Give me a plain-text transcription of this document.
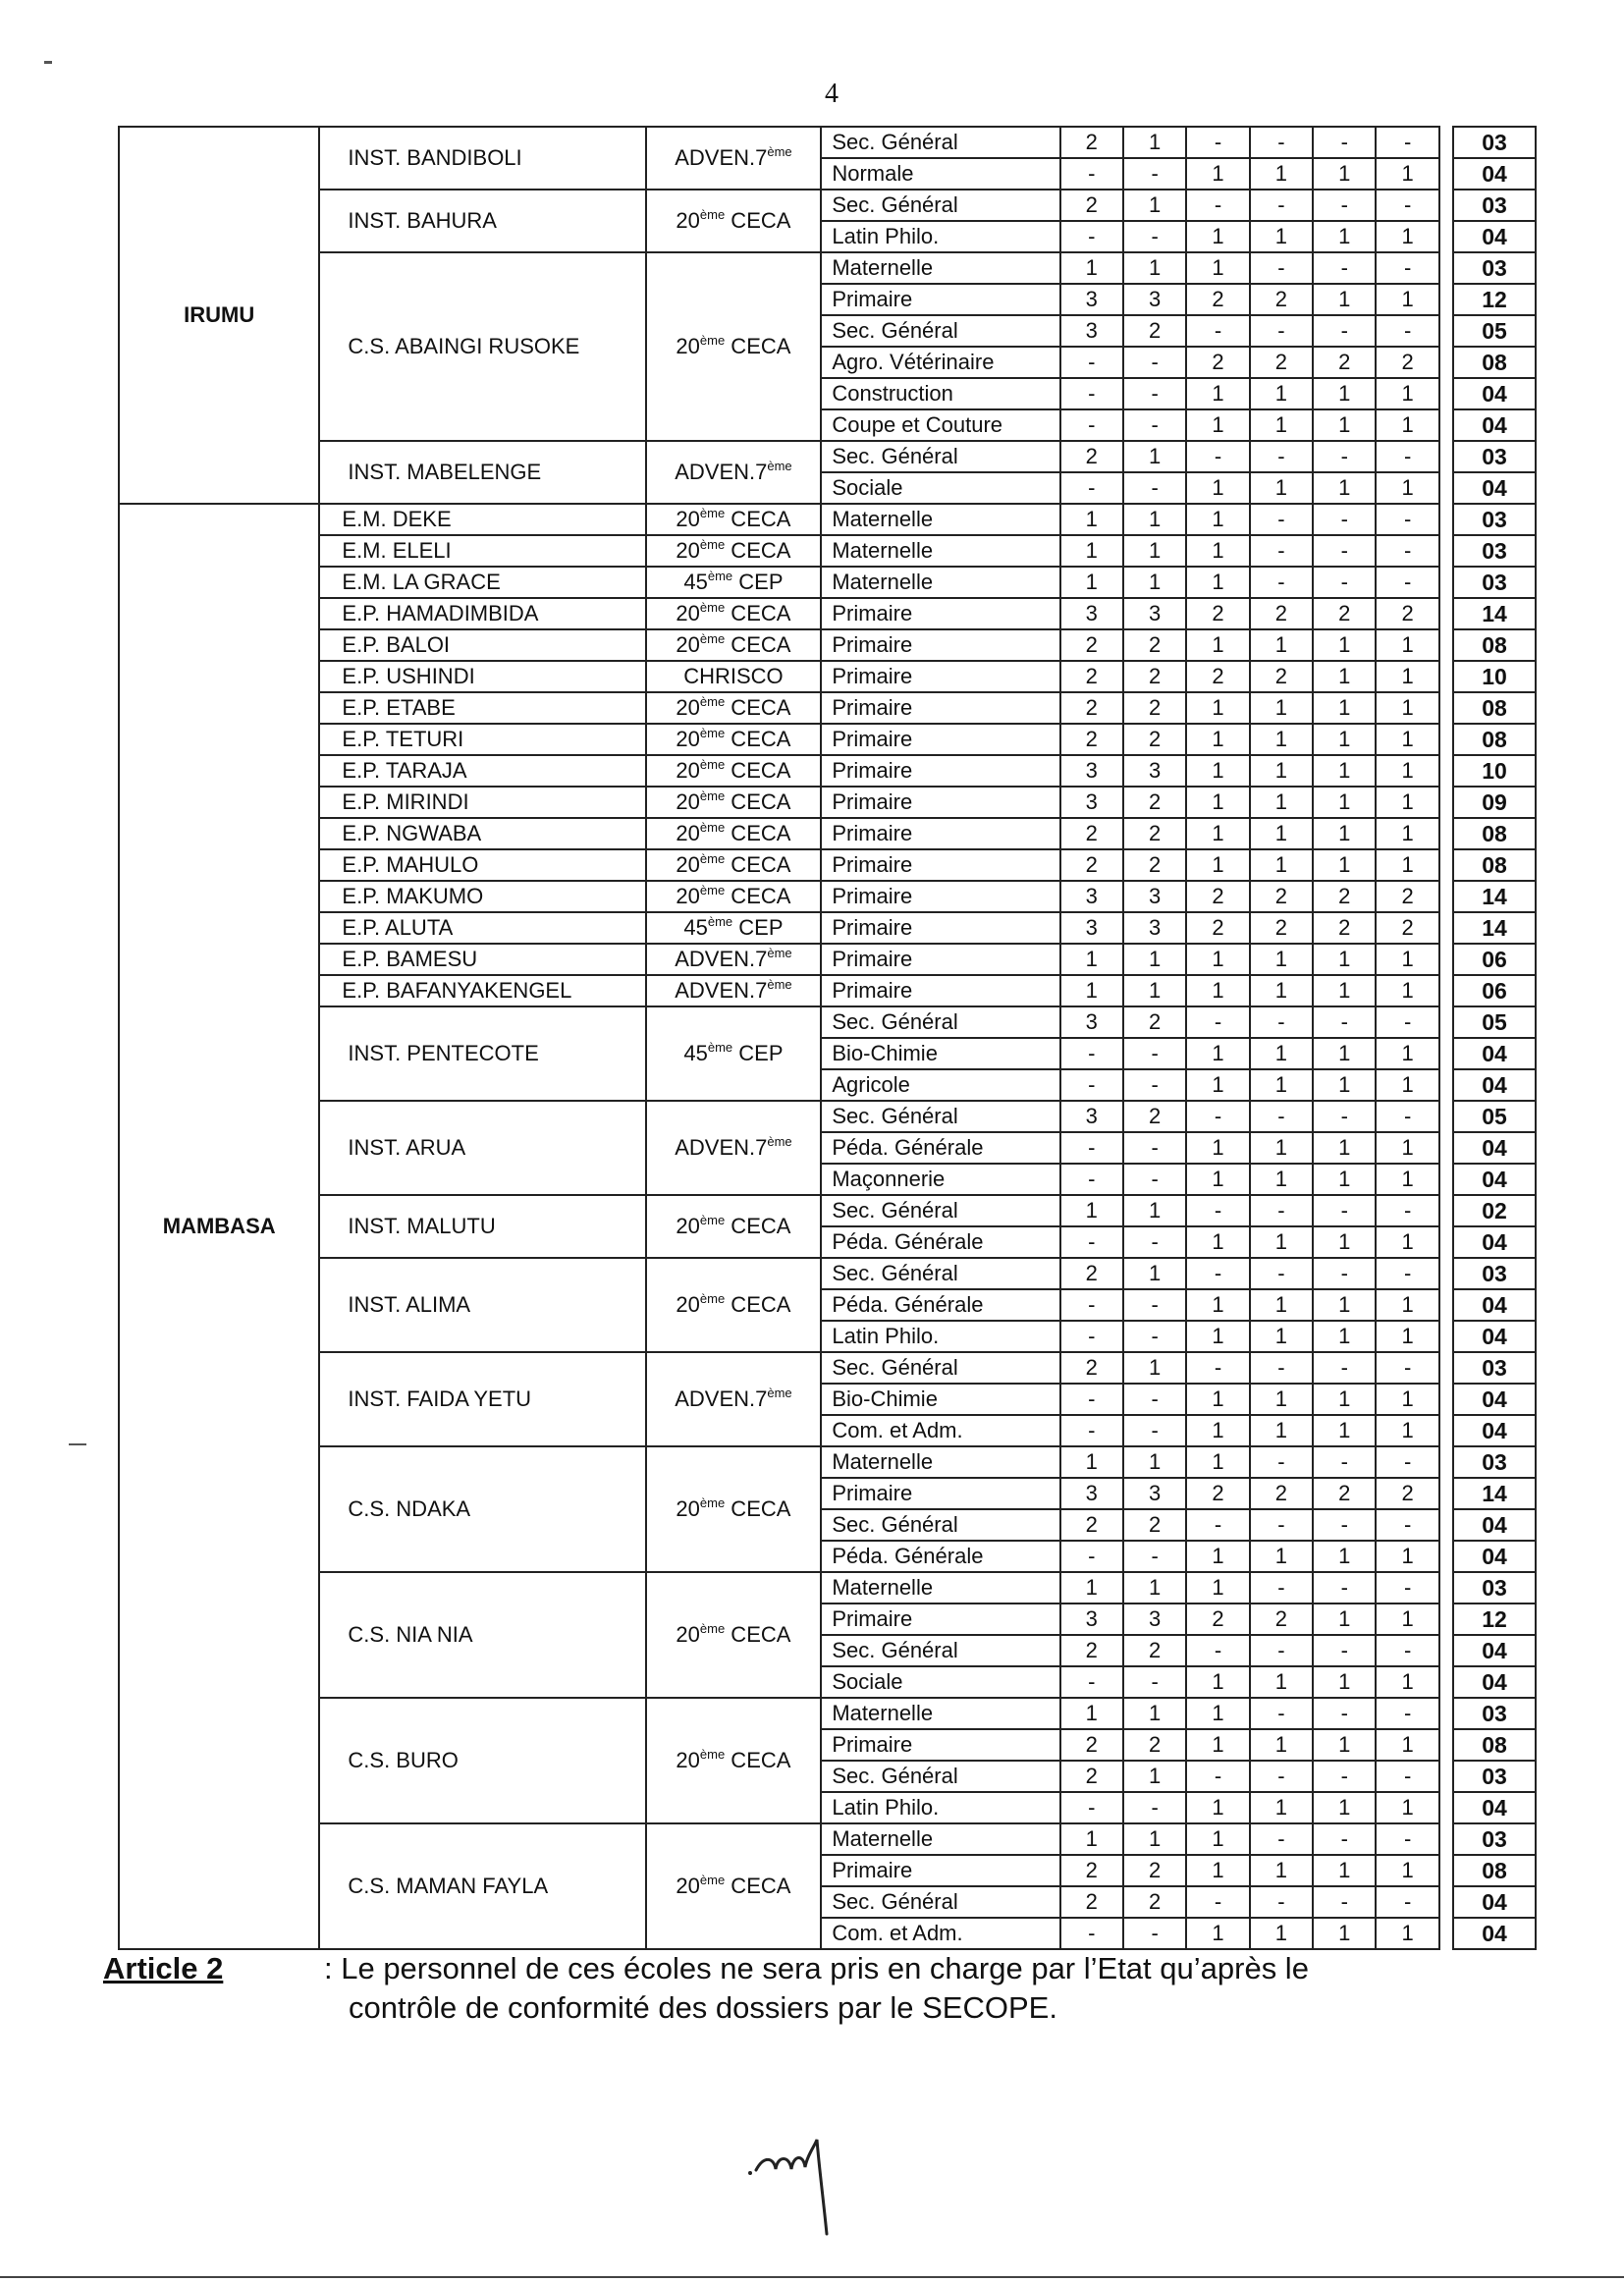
4
IRUMU	INST. BANDIBOLI	ADVEN.7ème	Sec. Général	2	1	-	-	-	-		03
			Normale	-	-	1	1	1	1		04
	INST. BAHURA	20ème CECA	Sec. Général	2	1	-	-	-	-		03
			Latin Philo.	-	-	1	1	1	1		04
	C.S. ABAINGI RUSOKE	20ème CECA	Maternelle	1	1	1	-	-	-		03
			Primaire	3	3	2	2	1	1		12
			Sec. Général	3	2	-	-	-	-		05
			Agro. Vétérinaire	-	-	2	2	2	2		08
			Construction	-	-	1	1	1	1		04
			Coupe et Couture	-	-	1	1	1	1		04
	INST. MABELENGE	ADVEN.7ème	Sec. Général	2	1	-	-	-	-		03
			Sociale	-	-	1	1	1	1		04
MAMBASA	E.M. DEKE	20ème CECA	Maternelle	1	1	1	-	-	-		03
	E.M. ELELI	20ème CECA	Maternelle	1	1	1	-	-	-		03
	E.M. LA GRACE	45ème CEP	Maternelle	1	1	1	-	-	-		03
	E.P. HAMADIMBIDA	20ème CECA	Primaire	3	3	2	2	2	2		14
	E.P. BALOI	20ème CECA	Primaire	2	2	1	1	1	1		08
	E.P. USHINDI	CHRISCO	Primaire	2	2	2	2	1	1		10
	E.P. ETABE	20ème CECA	Primaire	2	2	1	1	1	1		08
	E.P. TETURI	20ème CECA	Primaire	2	2	1	1	1	1		08
	E.P. TARAJA	20ème CECA	Primaire	3	3	1	1	1	1		10
	E.P. MIRINDI	20ème CECA	Primaire	3	2	1	1	1	1		09
	E.P. NGWABA	20ème CECA	Primaire	2	2	1	1	1	1		08
	E.P. MAHULO	20ème CECA	Primaire	2	2	1	1	1	1		08
	E.P. MAKUMO	20ème CECA	Primaire	3	3	2	2	2	2		14
	E.P. ALUTA	45ème CEP	Primaire	3	3	2	2	2	2		14
	E.P. BAMESU	ADVEN.7ème	Primaire	1	1	1	1	1	1		06
	E.P. BAFANYAKENGEL	ADVEN.7ème	Primaire	1	1	1	1	1	1		06
	INST. PENTECOTE	45ème CEP	Sec. Général	3	2	-	-	-	-		05
			Bio-Chimie	-	-	1	1	1	1		04
			Agricole	-	-	1	1	1	1		04
	INST. ARUA	ADVEN.7ème	Sec. Général	3	2	-	-	-	-		05
			Péda. Générale	-	-	1	1	1	1		04
			Maçonnerie	-	-	1	1	1	1		04
	INST. MALUTU	20ème CECA	Sec. Général	1	1	-	-	-	-		02
			Péda. Générale	-	-	1	1	1	1		04
	INST. ALIMA	20ème CECA	Sec. Général	2	1	-	-	-	-		03
			Péda. Générale	-	-	1	1	1	1		04
			Latin Philo.	-	-	1	1	1	1		04
	INST. FAIDA YETU	ADVEN.7ème	Sec. Général	2	1	-	-	-	-		03
			Bio-Chimie	-	-	1	1	1	1		04
			Com. et Adm.	-	-	1	1	1	1		04
	C.S. NDAKA	20ème CECA	Maternelle	1	1	1	-	-	-		03
			Primaire	3	3	2	2	2	2		14
			Sec. Général	2	2	-	-	-	-		04
			Péda. Générale	-	-	1	1	1	1		04
	C.S. NIA NIA	20ème CECA	Maternelle	1	1	1	-	-	-		03
			Primaire	3	3	2	2	1	1		12
			Sec. Général	2	2	-	-	-	-		04
			Sociale	-	-	1	1	1	1		04
	C.S. BURO	20ème CECA	Maternelle	1	1	1	-	-	-		03
			Primaire	2	2	1	1	1	1		08
			Sec. Général	2	1	-	-	-	-		03
			Latin Philo.	-	-	1	1	1	1		04
	C.S. MAMAN FAYLA	20ème CECA	Maternelle	1	1	1	-	-	-		03
			Primaire	2	2	1	1	1	1		08
			Sec. Général	2	2	-	-	-	-		04
			Com. et Adm.	-	-	1	1	1	1		04
Article 2	: Le personnel de ces écoles ne sera pris en charge par l’Etat qu’après le
contrôle de conformité des dossiers par le SECOPE.
